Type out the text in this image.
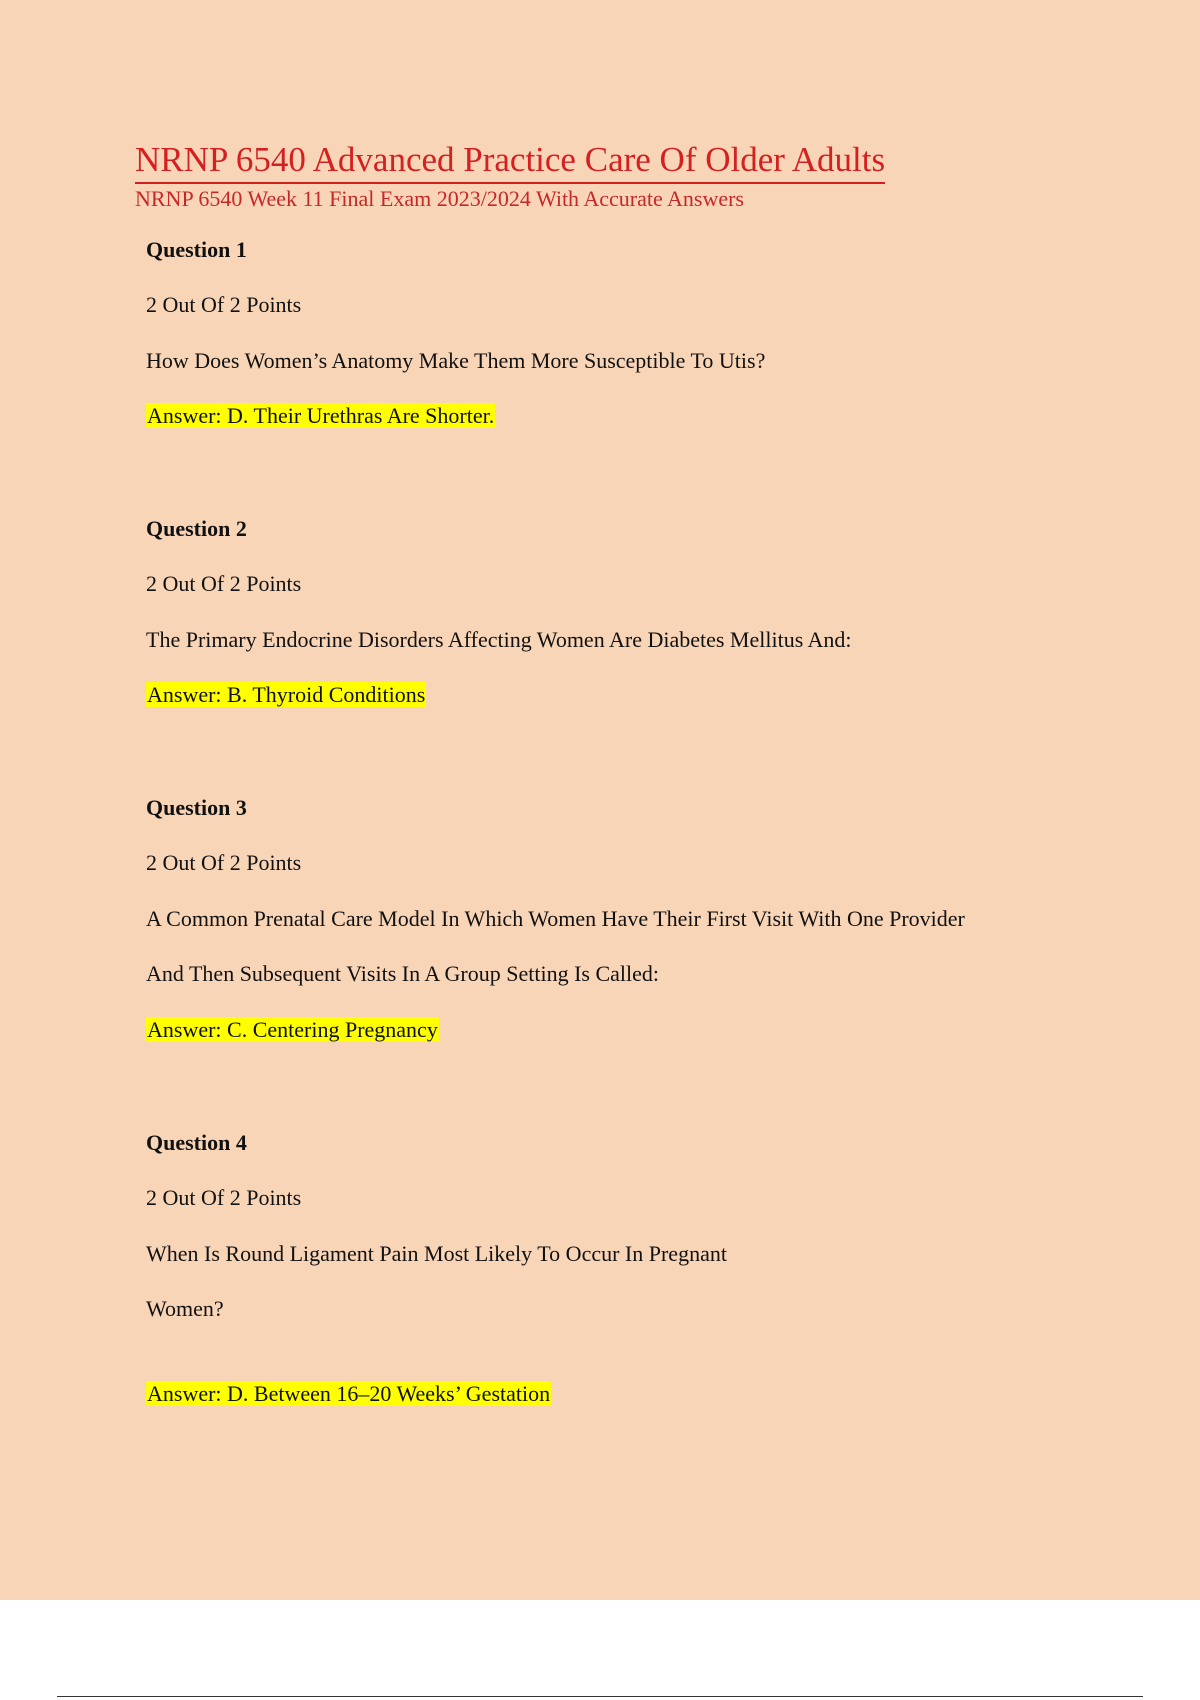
NRNP 6540 Advanced Practice Care Of Older Adults
NRNP 6540 Week 11 Final Exam 2023/2024 With Accurate Answers
Question 1
2 Out Of 2 Points
How Does Women’s Anatomy Make Them More Susceptible To Utis?
Answer: D. Their Urethras Are Shorter.
Question 2
2 Out Of 2 Points
The Primary Endocrine Disorders Affecting Women Are Diabetes Mellitus And:
Answer: B. Thyroid Conditions
Question 3
2 Out Of 2 Points
A Common Prenatal Care Model In Which Women Have Their First Visit With One Provider
And Then Subsequent Visits In A Group Setting Is Called:
Answer: C. Centering Pregnancy
Question 4
2 Out Of 2 Points
When Is Round Ligament Pain Most Likely To Occur In Pregnant
Women?
Answer: D. Between 16–20 Weeks’ Gestation
